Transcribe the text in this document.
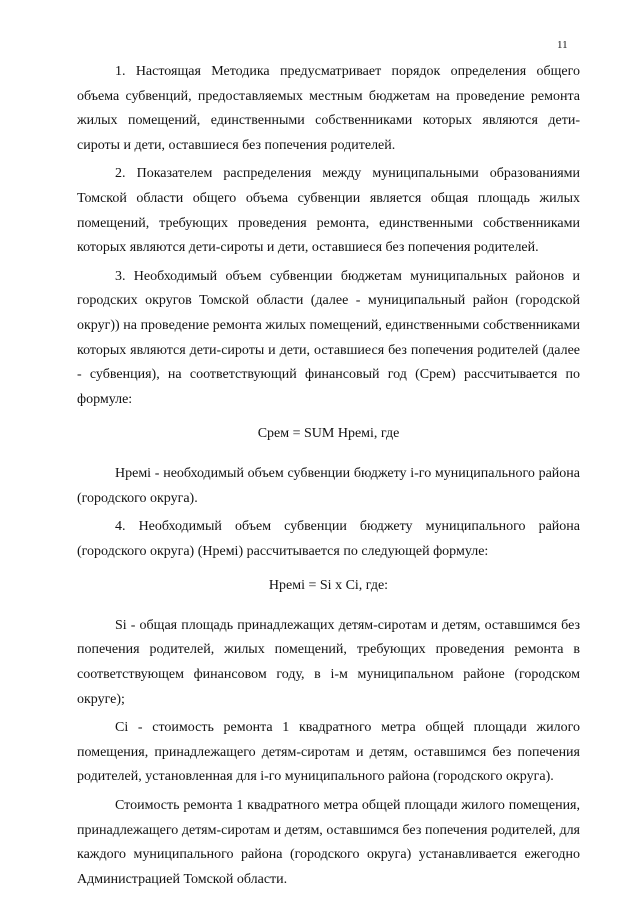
11

1. Настоящая Методика предусматривает порядок определения общего объема субвенций, предоставляемых местным бюджетам на проведение ремонта жилых помещений, единственными собственниками которых являются дети-сироты и дети, оставшиеся без попечения родителей.

2. Показателем распределения между муниципальными образованиями Томской области общего объема субвенции является общая площадь жилых помещений, требующих проведения ремонта, единственными собственниками которых являются дети-сироты и дети, оставшиеся без попечения родителей.

3. Необходимый объем субвенции бюджетам муниципальных районов и городских округов Томской области (далее - муниципальный район (городской округ)) на проведение ремонта жилых помещений, единственными собственниками которых являются дети-сироты и дети, оставшиеся без попечения родителей (далее - субвенция), на соответствующий финансовый год (Срем) рассчитывается по формуле:

Срем = SUM Нремi, где

Нремi - необходимый объем субвенции бюджету i-го муниципального района (городского округа).

4. Необходимый объем субвенции бюджету муниципального района (городского округа) (Нремi) рассчитывается по следующей формуле:

Нремi = Si x Ci, где:

Si - общая площадь принадлежащих детям-сиротам и детям, оставшимся без попечения родителей, жилых помещений, требующих проведения ремонта в соответствующем финансовом году, в i-м муниципальном районе (городском округе);

Ci - стоимость ремонта 1 квадратного метра общей площади жилого помещения, принадлежащего детям-сиротам и детям, оставшимся без попечения родителей, установленная для i-го муниципального района (городского округа).

Стоимость ремонта 1 квадратного метра общей площади жилого помещения, принадлежащего детям-сиротам и детям, оставшимся без попечения родителей, для каждого муниципального района (городского округа) устанавливается ежегодно Администрацией Томской области.
